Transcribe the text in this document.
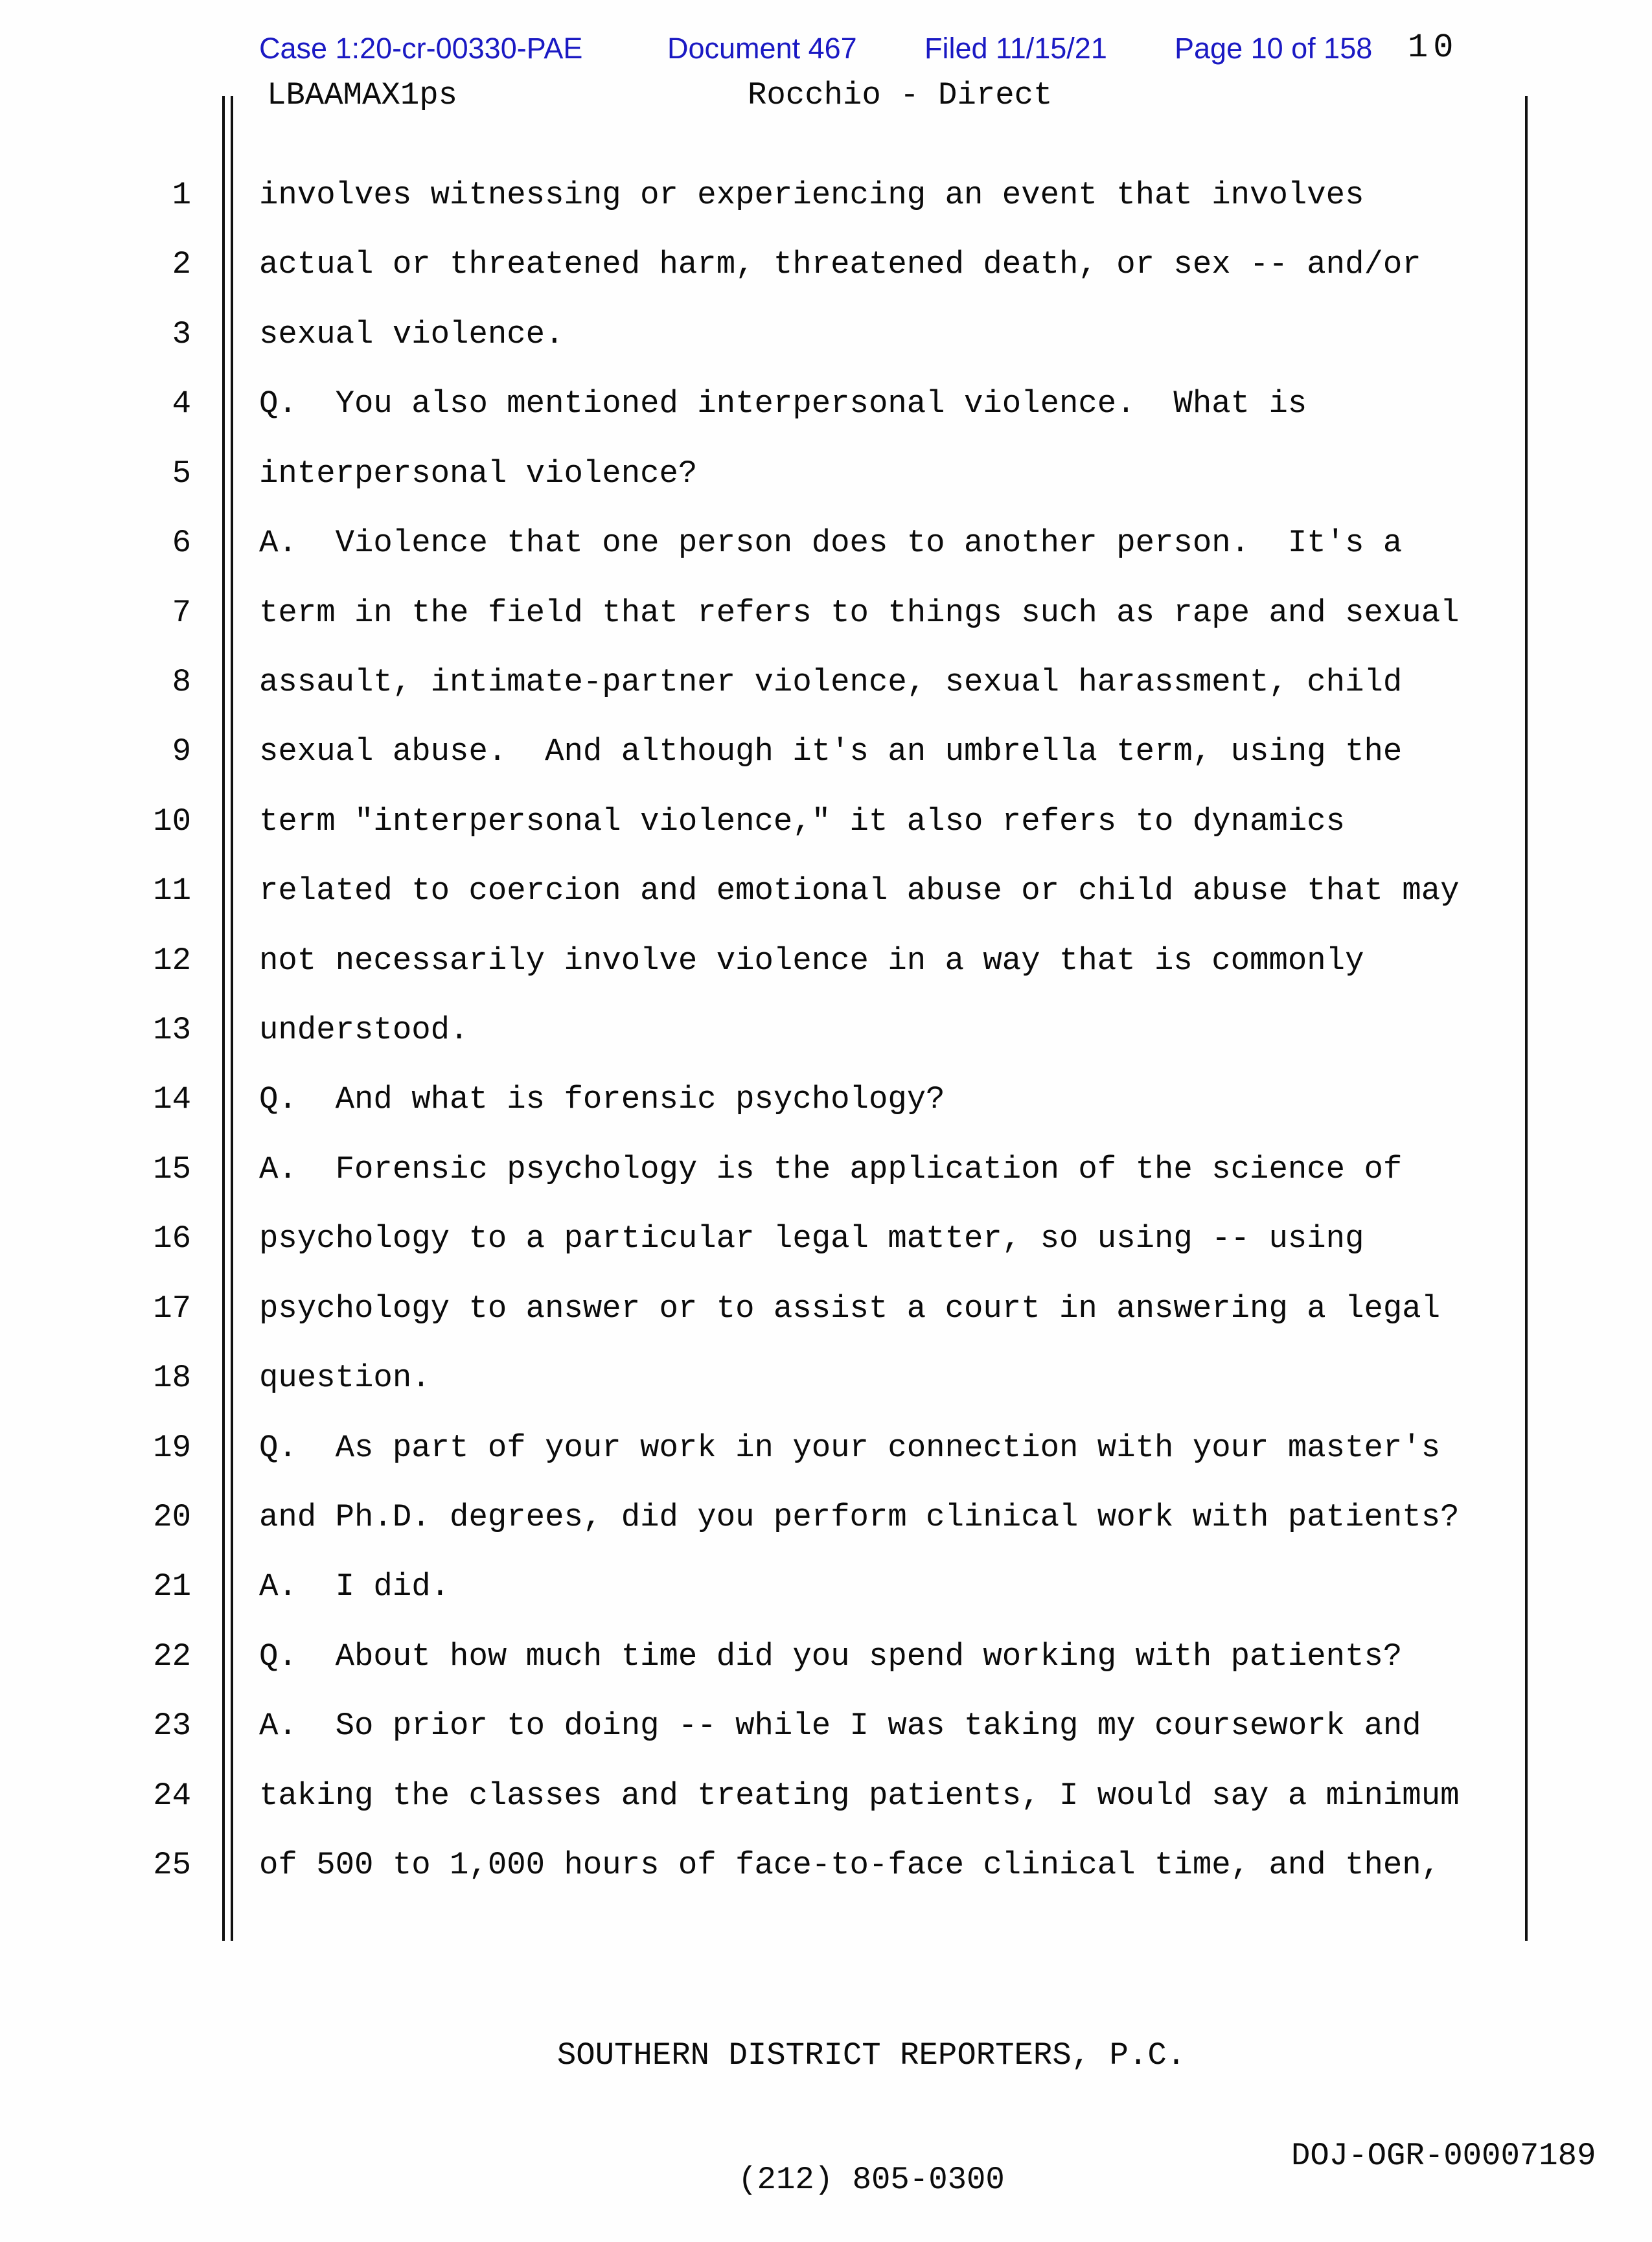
Case 1:20-cr-00330-PAE	Document 467 Filed 11/15/21 Page 10 of 158 10
LBAAMAX1ps	Rocchio - Direct
1 involves witnessing or experiencing an event that involves
2 actual or threatened harm, threatened death, or sex -- and/or
3 sexual violence.
4 Q.  You also mentioned interpersonal violence.  What is
5 interpersonal violence?
6 A.  Violence that one person does to another person.  It's a
7 term in the field that refers to things such as rape and sexual
8 assault, intimate-partner violence, sexual harassment, child
9 sexual abuse.  And although it's an umbrella term, using the
10 term "interpersonal violence," it also refers to dynamics
11 related to coercion and emotional abuse or child abuse that may
12 not necessarily involve violence in a way that is commonly
13 understood.
14 Q.  And what is forensic psychology?
15 A.  Forensic psychology is the application of the science of
16 psychology to a particular legal matter, so using -- using
17 psychology to answer or to assist a court in answering a legal
18 question.
19 Q.  As part of your work in your connection with your master's
20 and Ph.D. degrees, did you perform clinical work with patients?
21 A.  I did.
22 Q.  About how much time did you spend working with patients?
23 A.  So prior to doing -- while I was taking my coursework and
24 taking the classes and treating patients, I would say a minimum
25 of 500 to 1,000 hours of face-to-face clinical time, and then,

SOUTHERN DISTRICT REPORTERS, P.C.

(212) 805-0300

DOJ-OGR-00007189
